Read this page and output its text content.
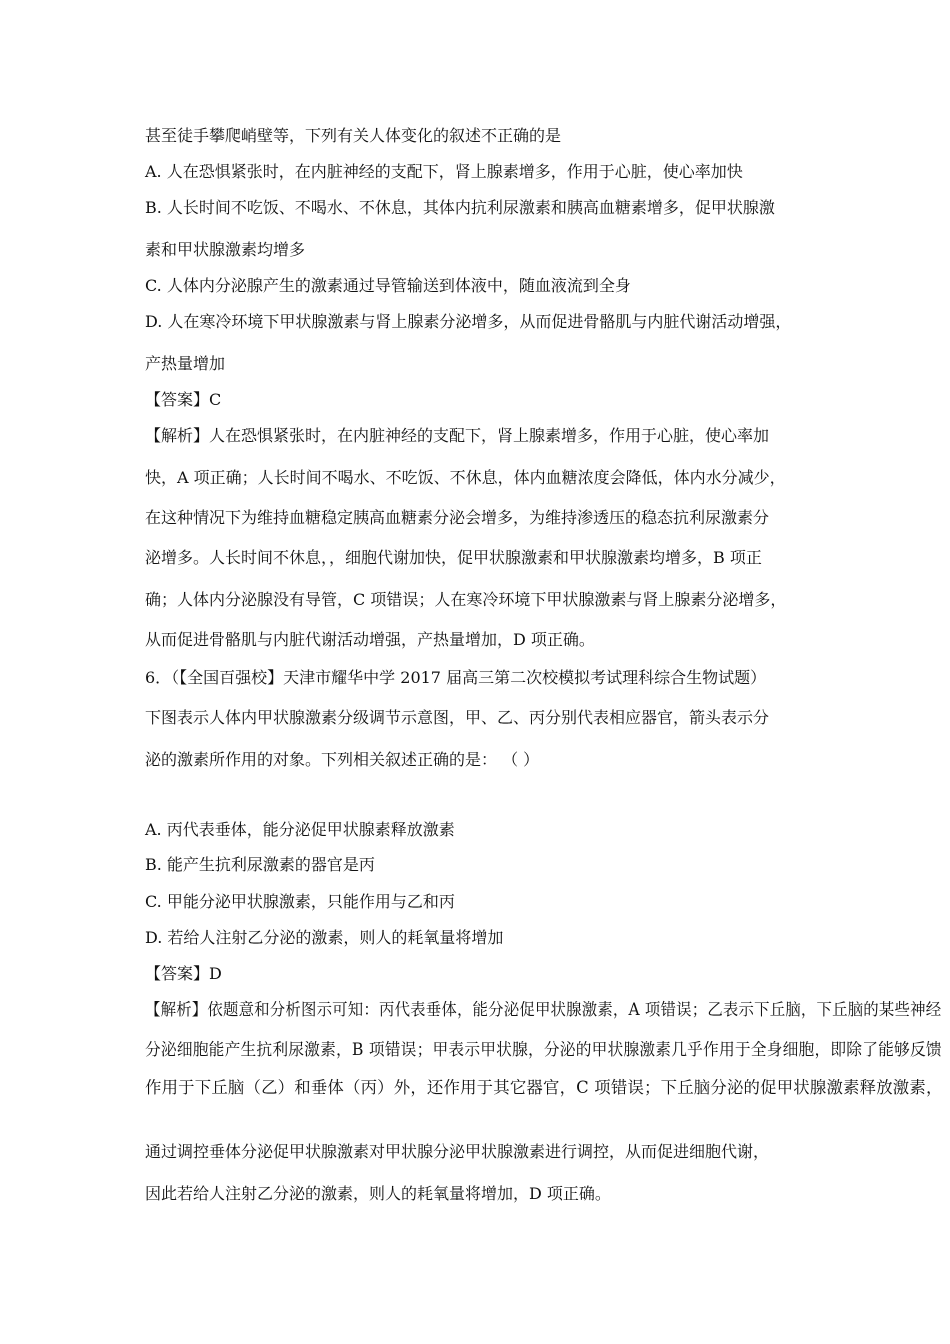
甚至徒手攀爬峭壁等，下列有关人体变化的叙述不正确的是
A. 人在恐惧紧张时，在内脏神经的支配下，肾上腺素增多，作用于心脏，使心率加快
B. 人长时间不吃饭、不喝水、不休息，其体内抗利尿激素和胰高血糖素增多，促甲状腺激
素和甲状腺激素均增多
C. 人体内分泌腺产生的激素通过导管输送到体液中，随血液流到全身
D. 人在寒冷环境下甲状腺激素与肾上腺素分泌增多，从而促进骨骼肌与内脏代谢活动增强，
产热量增加
【答案】C
【解析】人在恐惧紧张时，在内脏神经的支配下，肾上腺素增多，作用于心脏，使心率加
快，A 项正确；人长时间不喝水、不吃饭、不休息，体内血糖浓度会降低，体内水分减少，
在这种情况下为维持血糖稳定胰高血糖素分泌会增多，为维持渗透压的稳态抗利尿激素分
泌增多。人长时间不休息，，细胞代谢加快，促甲状腺激素和甲状腺激素均增多，B 项正
确；人体内分泌腺没有导管，C 项错误；人在寒冷环境下甲状腺激素与肾上腺素分泌增多，
从而促进骨骼肌与内脏代谢活动增强，产热量增加，D 项正确。
6．（【全国百强校】天津市耀华中学 2017 届高三第二次校模拟考试理科综合生物试题）
下图表示人体内甲状腺激素分级调节示意图，甲、乙、丙分别代表相应器官，箭头表示分
泌的激素所作用的对象。下列相关叙述正确的是： （ ）
A. 丙代表垂体，能分泌促甲状腺素释放激素
B. 能产生抗利尿激素的器官是丙
C. 甲能分泌甲状腺激素，只能作用与乙和丙
D. 若给人注射乙分泌的激素，则人的耗氧量将增加
【答案】D
【解析】依题意和分析图示可知：丙代表垂体，能分泌促甲状腺激素，A 项错误；乙表示下丘脑，下丘脑的某些神经
分泌细胞能产生抗利尿激素，B 项错误；甲表示甲状腺，分泌的甲状腺激素几乎作用于全身细胞，即除了能够反馈
作用于下丘脑（乙）和垂体（丙）外，还作用于其它器官，C 项错误；下丘脑分泌的促甲状腺激素释放激素，
通过调控垂体分泌促甲状腺激素对甲状腺分泌甲状腺激素进行调控，从而促进细胞代谢，
因此若给人注射乙分泌的激素，则人的耗氧量将增加，D 项正确。
